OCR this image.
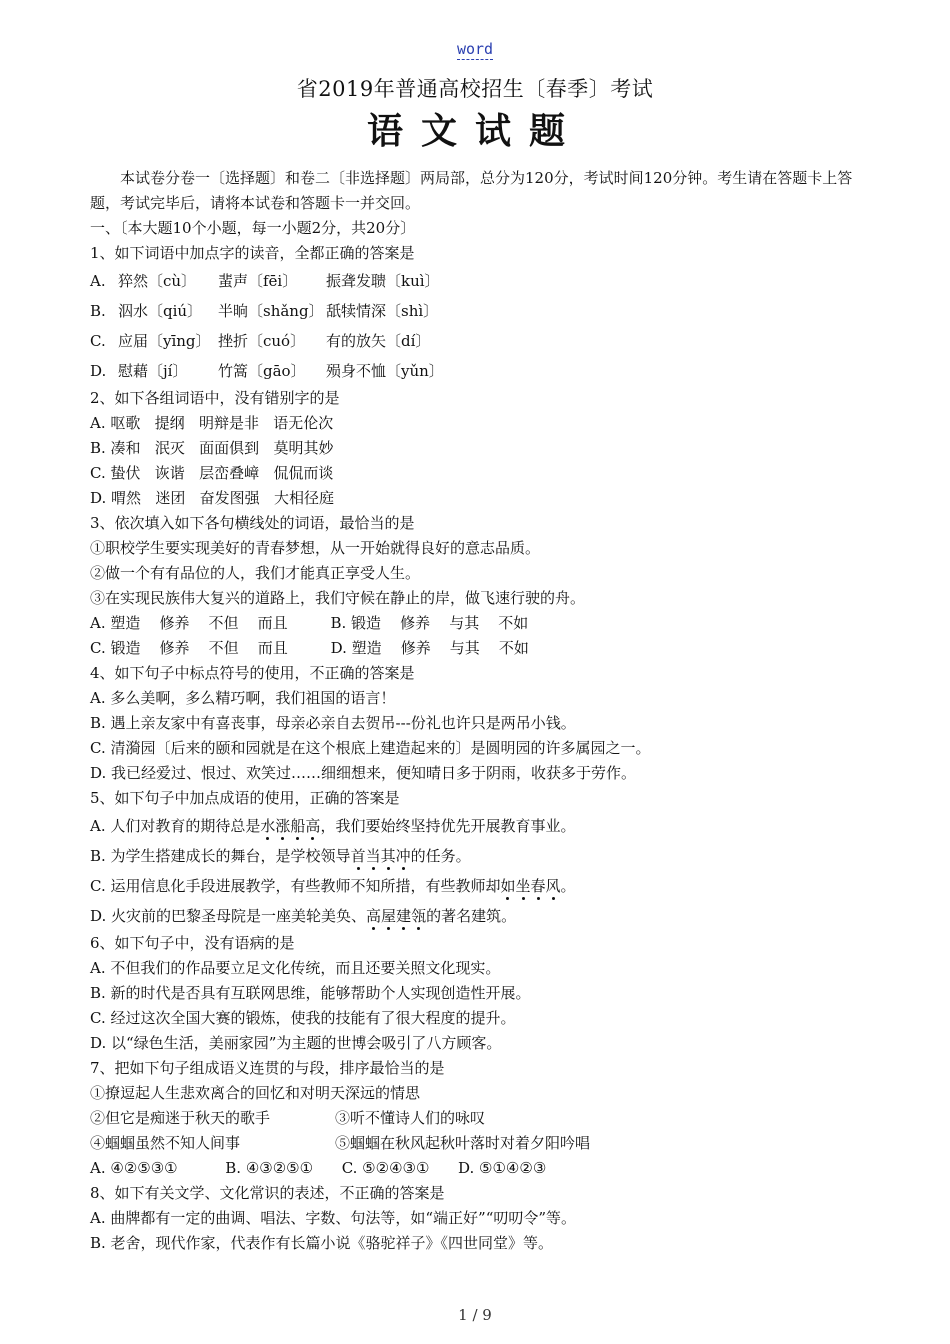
word
省2019年普通高校招生〔春季〕考试
语文试题
本试卷分卷一〔选择题〕和卷二〔非选择题〕两局部，总分为120分，考试时间120分钟。考生请在答题卡上答题，考试完毕后，请将本试卷和答题卡一并交回。
一、〔本大题10个小题，每一小题2分，共20分〕
1、如下词语中加点字的读音，全都正确的答案是
A. 猝然〔cù〕 蜚声〔fēi〕 振聋发聩〔kuì〕
B. 泅水〔qiú〕 半晌〔shǎng〕 舐犊情深〔shì〕
C. 应届〔yīng〕 挫折〔cuó〕 有的放矢〔dí〕
D. 慰藉〔jí〕 竹篙〔gāo〕 殒身不恤〔yǔn〕
2、如下各组词语中，没有错别字的是
A. 呕歌   提纲   明辩是非   语无伦次
B. 凑和   泯灭   面面俱到   莫明其妙
C. 蛰伏   诙谐   层峦叠嶂   侃侃而谈
D. 喟然   迷团   奋发图强   大相径庭
3、依次填入如下各句横线处的词语，最恰当的是
①职校学生要实现美好的青春梦想，从一开始就得良好的意志品质。
②做一个有有品位的人，我们才能真正享受人生。
③在实现民族伟大复兴的道路上，我们守候在静止的岸，做飞速行驶的舟。
A. 塑造    修养    不但    而且         B. 锻造    修养    与其    不如
C. 锻造    修养    不但    而且         D. 塑造    修养    与其    不如
4、如下句子中标点符号的使用，不正确的答案是
A. 多么美啊，多么精巧啊，我们祖国的语言！
B. 遇上亲友家中有喜丧事，母亲必亲自去贺吊---份礼也许只是两吊小钱。
C. 清漪园〔后来的颐和园就是在这个根底上建造起来的〕是圆明园的许多属园之一。
D. 我已经爱过、恨过、欢笑过……细细想来，便知晴日多于阴雨，收获多于劳作。
5、如下句子中加点成语的使用，正确的答案是
A. 人们对教育的期待总是水涨船高，我们要始终坚持优先开展教育事业。
B. 为学生搭建成长的舞台，是学校领导首当其冲的任务。
C. 运用信息化手段进展教学，有些教师不知所措，有些教师却如坐春风。
D. 火灾前的巴黎圣母院是一座美轮美奂、高屋建瓴的著名建筑。
6、如下句子中，没有语病的是
A. 不但我们的作品要立足文化传统，而且还要关照文化现实。
B. 新的时代是否具有互联网思维，能够帮助个人实现创造性开展。
C. 经过这次全国大赛的锻炼，使我的技能有了很大程度的提升。
D. 以“绿色生活，美丽家园”为主题的世博会吸引了八方顾客。
7、把如下句子组成语义连贯的与段，排序最恰当的是
①撩逗起人生悲欢离合的回忆和对明天深远的情思
②但它是痴迷于秋天的歌手	③听不懂诗人们的咏叹
④蝈蝈虽然不知人间事	⑤蝈蝈在秋风起秋叶落时对着夕阳吟唱
A. ④②⑤③①          B. ④③②⑤①      C. ⑤②④③①      D. ⑤①④②③
8、如下有关文学、文化常识的表述，不正确的答案是
A. 曲牌都有一定的曲调、唱法、字数、句法等，如“端正好”“叨叨令”等。
B. 老舍，现代作家，代表作有长篇小说《骆驼祥子》《四世同堂》等。
1 / 9
